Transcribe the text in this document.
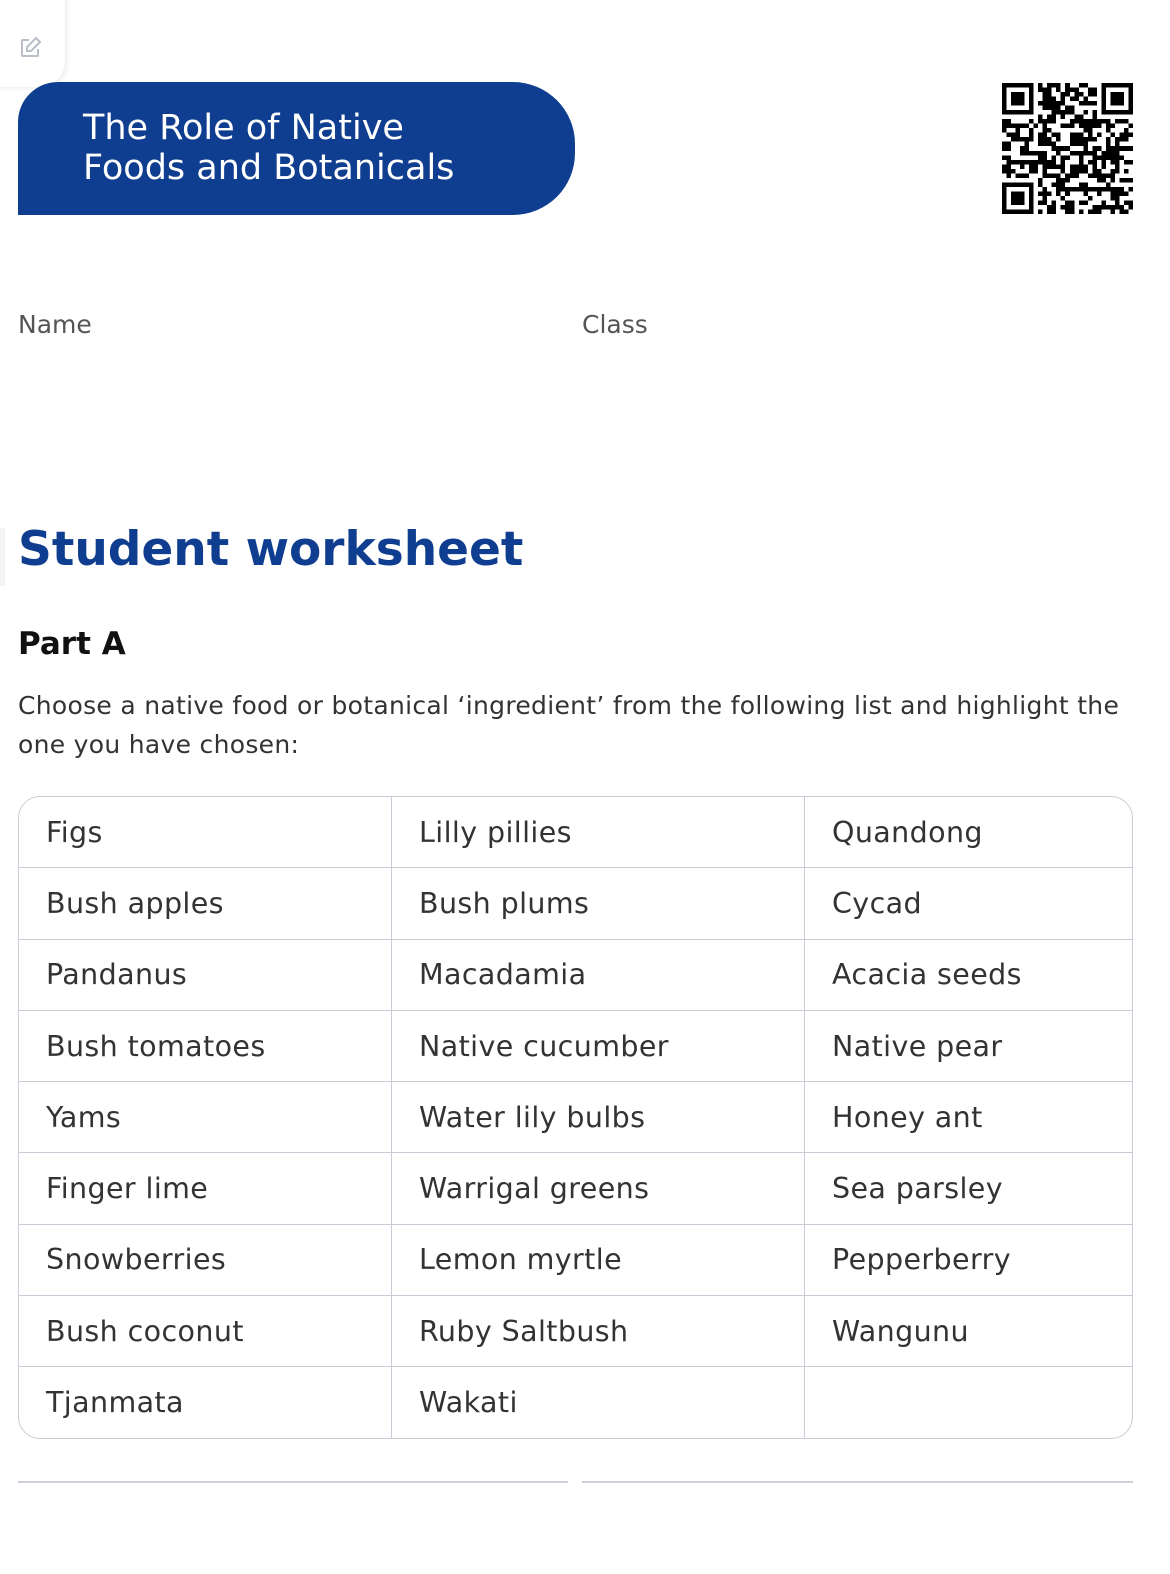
The Role of Native
Foods and Botanicals
Name	Class
Student worksheet
Part A
Choose a native food or botanical ‘ingredient’ from the following list and highlight the one you have chosen:
Figs	Lilly pillies	Quandong
Bush apples	Bush plums	Cycad
Pandanus	Macadamia	Acacia seeds
Bush tomatoes	Native cucumber	Native pear
Yams	Water lily bulbs	Honey ant
Finger lime	Warrigal greens	Sea parsley
Snowberries	Lemon myrtle	Pepperberry
Bush coconut	Ruby Saltbush	Wangunu
Tjanmata	Wakati	
